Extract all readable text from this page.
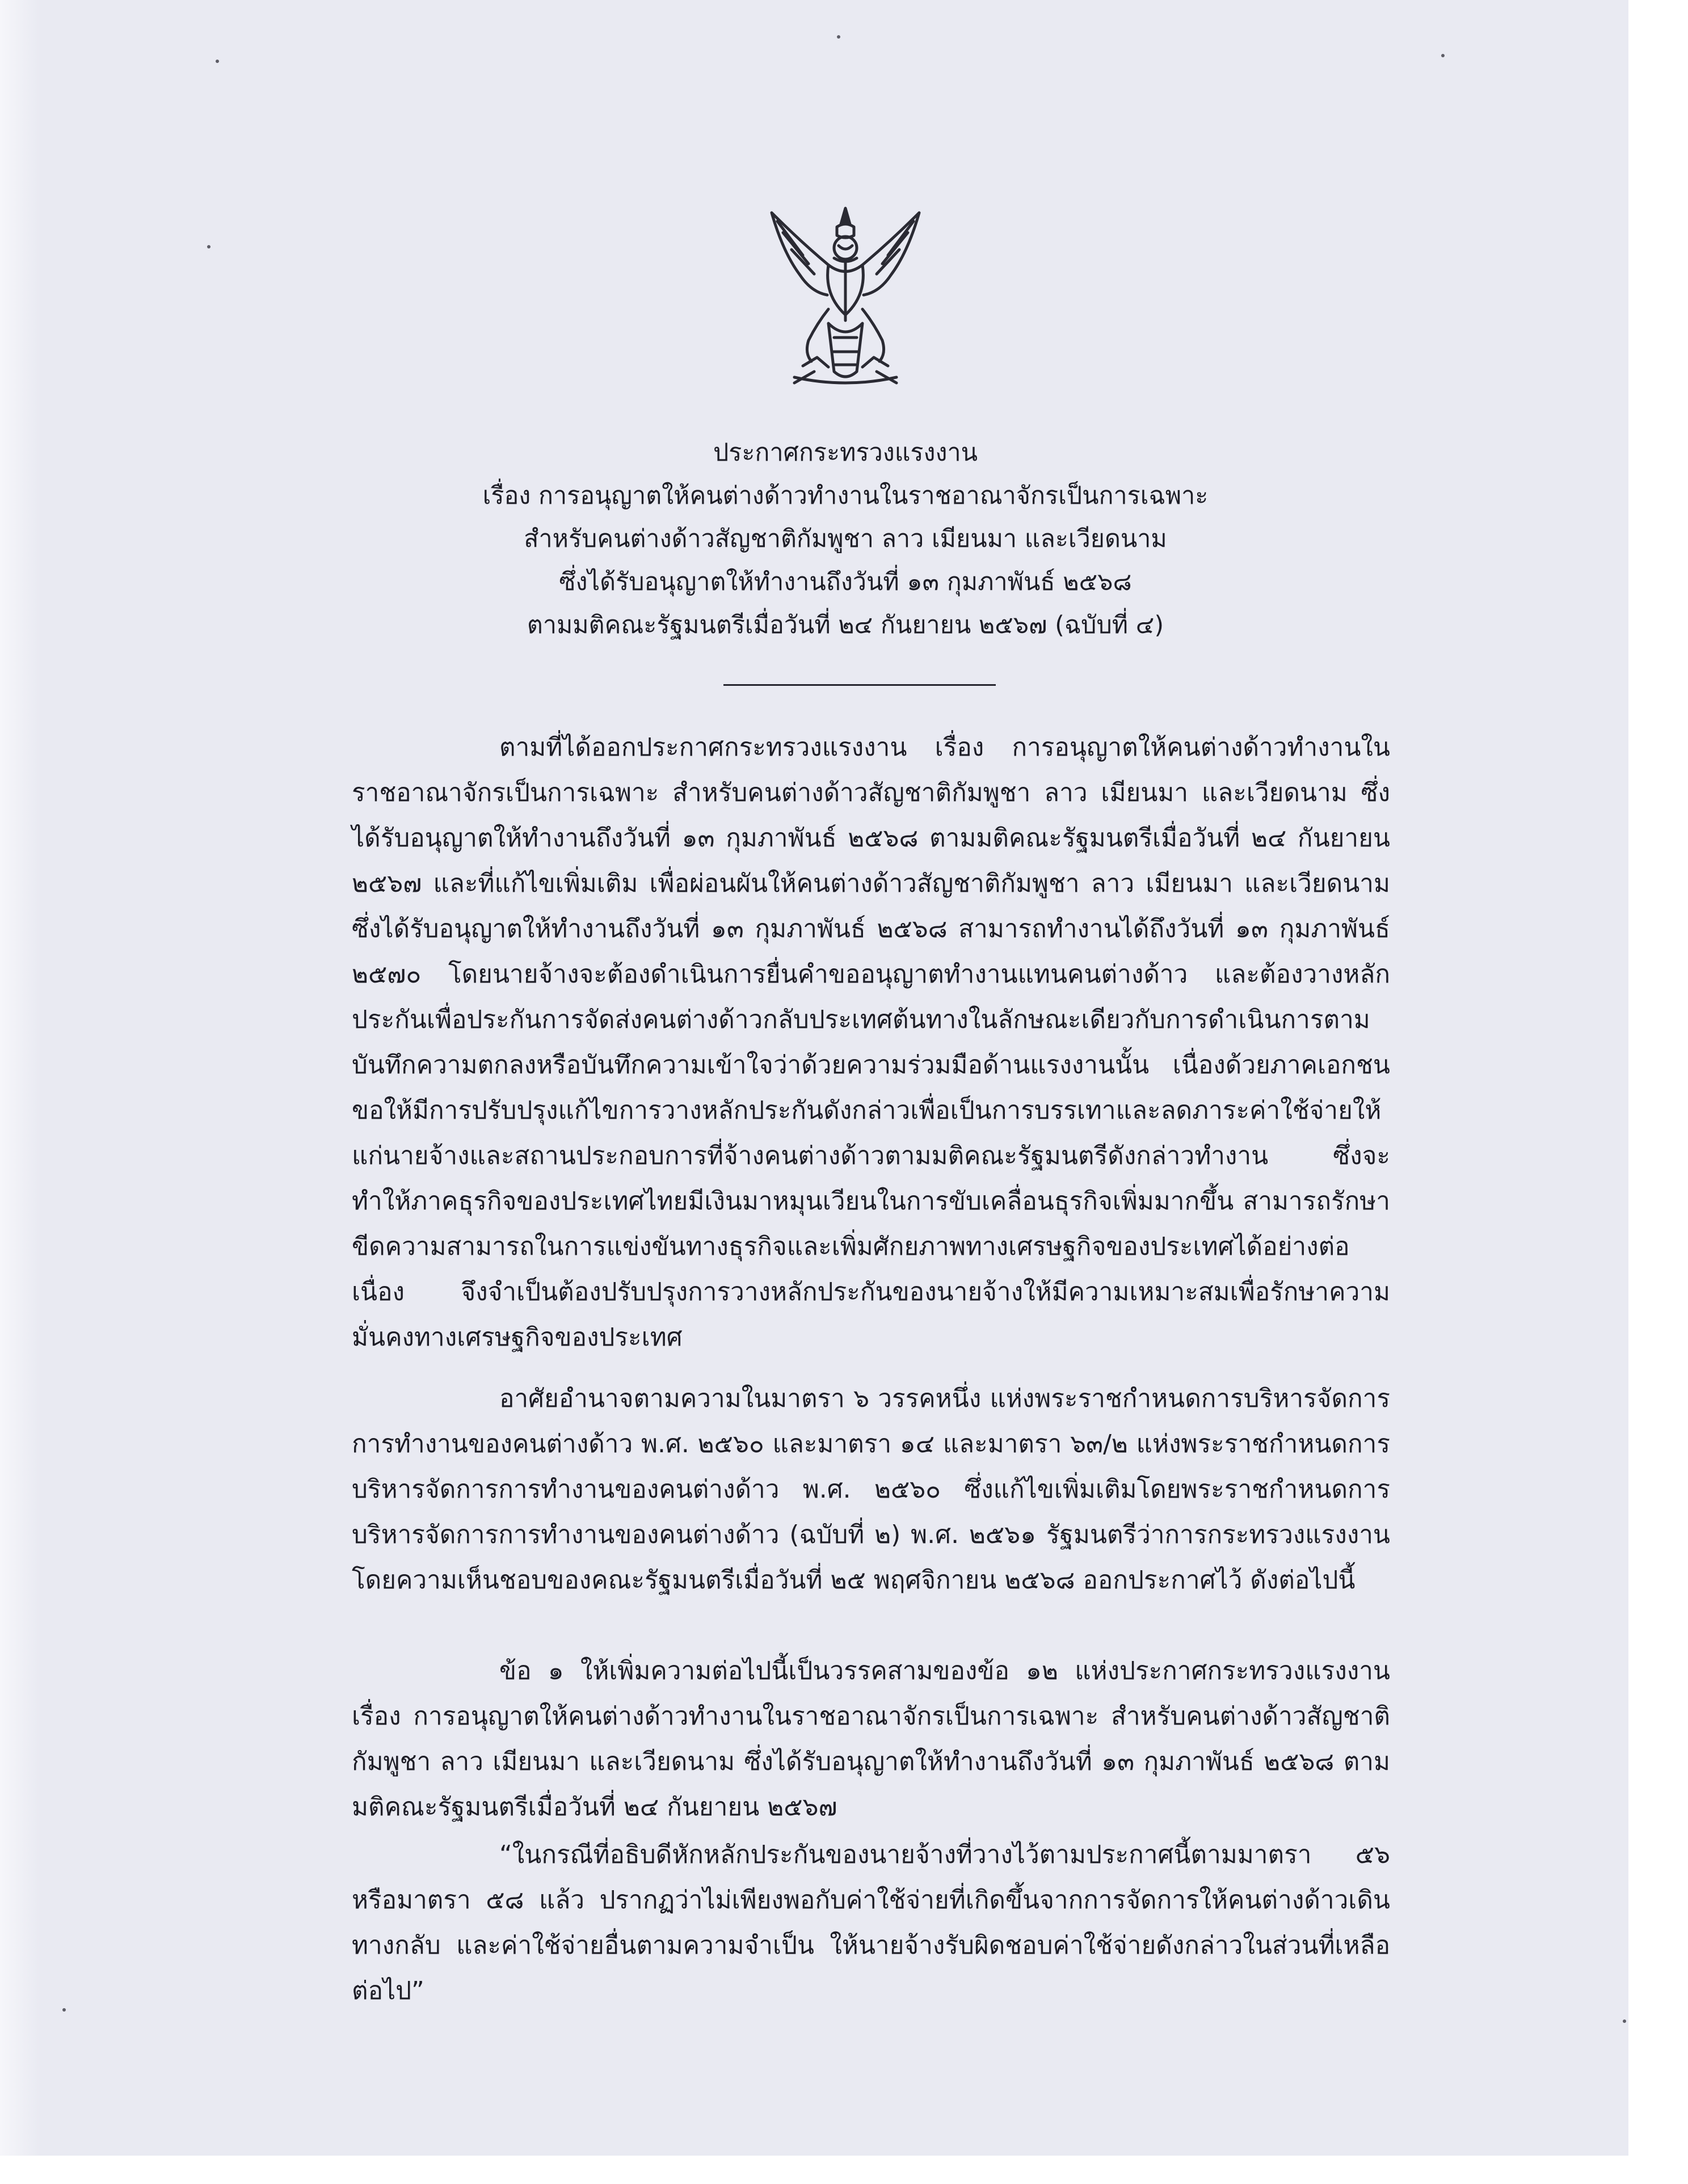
ประกาศกระทรวงแรงงาน
เรื่อง การอนุญาตให้คนต่างด้าวทำงานในราชอาณาจักรเป็นการเฉพาะ
สำหรับคนต่างด้าวสัญชาติกัมพูชา ลาว เมียนมา และเวียดนาม
ซึ่งได้รับอนุญาตให้ทำงานถึงวันที่ ๑๓ กุมภาพันธ์ ๒๕๖๘
ตามมติคณะรัฐมนตรีเมื่อวันที่ ๒๔ กันยายน ๒๕๖๗ (ฉบับที่ ๔)

ตามที่ได้ออกประกาศกระทรวงแรงงาน เรื่อง การอนุญาตให้คนต่างด้าวทำงานในราชอาณาจักรเป็นการเฉพาะ สำหรับคนต่างด้าวสัญชาติกัมพูชา ลาว เมียนมา และเวียดนาม ซึ่งได้รับอนุญาตให้ทำงานถึงวันที่ ๑๓ กุมภาพันธ์ ๒๕๖๘ ตามมติคณะรัฐมนตรีเมื่อวันที่ ๒๔ กันยายน ๒๕๖๗ และที่แก้ไขเพิ่มเติม เพื่อผ่อนผันให้คนต่างด้าวสัญชาติกัมพูชา ลาว เมียนมา และเวียดนาม ซึ่งได้รับอนุญาตให้ทำงานถึงวันที่ ๑๓ กุมภาพันธ์ ๒๕๖๘ สามารถทำงานได้ถึงวันที่ ๑๓ กุมภาพันธ์ ๒๕๗๐ โดยนายจ้างจะต้องดำเนินการยื่นคำขออนุญาตทำงานแทนคนต่างด้าว และต้องวางหลักประกันเพื่อประกันการจัดส่งคนต่างด้าวกลับประเทศต้นทางในลักษณะเดียวกับการดำเนินการตามบันทึกความตกลงหรือบันทึกความเข้าใจว่าด้วยความร่วมมือด้านแรงงานนั้น เนื่องด้วยภาคเอกชนขอให้มีการปรับปรุงแก้ไขการวางหลักประกันดังกล่าวเพื่อเป็นการบรรเทาและลดภาระค่าใช้จ่ายให้แก่นายจ้างและสถานประกอบการที่จ้างคนต่างด้าวตามมติคณะรัฐมนตรีดังกล่าวทำงาน ซึ่งจะทำให้ภาคธุรกิจของประเทศไทยมีเงินมาหมุนเวียนในการขับเคลื่อนธุรกิจเพิ่มมากขึ้น สามารถรักษาขีดความสามารถในการแข่งขันทางธุรกิจและเพิ่มศักยภาพทางเศรษฐกิจของประเทศได้อย่างต่อเนื่อง จึงจำเป็นต้องปรับปรุงการวางหลักประกันของนายจ้างให้มีความเหมาะสมเพื่อรักษาความมั่นคงทางเศรษฐกิจของประเทศ

อาศัยอำนาจตามความในมาตรา ๖ วรรคหนึ่ง แห่งพระราชกำหนดการบริหารจัดการการทำงานของคนต่างด้าว พ.ศ. ๒๕๖๐ และมาตรา ๑๔ และมาตรา ๖๓/๒ แห่งพระราชกำหนดการบริหารจัดการการทำงานของคนต่างด้าว พ.ศ. ๒๕๖๐ ซึ่งแก้ไขเพิ่มเติมโดยพระราชกำหนดการบริหารจัดการการทำงานของคนต่างด้าว (ฉบับที่ ๒) พ.ศ. ๒๕๖๑ รัฐมนตรีว่าการกระทรวงแรงงาน โดยความเห็นชอบของคณะรัฐมนตรีเมื่อวันที่ ๒๕ พฤศจิกายน ๒๕๖๘ ออกประกาศไว้ ดังต่อไปนี้

ข้อ ๑ ให้เพิ่มความต่อไปนี้เป็นวรรคสามของข้อ ๑๒ แห่งประกาศกระทรวงแรงงาน เรื่อง การอนุญาตให้คนต่างด้าวทำงานในราชอาณาจักรเป็นการเฉพาะ สำหรับคนต่างด้าวสัญชาติกัมพูชา ลาว เมียนมา และเวียดนาม ซึ่งได้รับอนุญาตให้ทำงานถึงวันที่ ๑๓ กุมภาพันธ์ ๒๕๖๘ ตามมติคณะรัฐมนตรีเมื่อวันที่ ๒๔ กันยายน ๒๕๖๗

“ในกรณีที่อธิบดีหักหลักประกันของนายจ้างที่วางไว้ตามประกาศนี้ตามมาตรา ๕๖ หรือมาตรา ๕๘ แล้ว ปรากฏว่าไม่เพียงพอกับค่าใช้จ่ายที่เกิดขึ้นจากการจัดการให้คนต่างด้าวเดินทางกลับ และค่าใช้จ่ายอื่นตามความจำเป็น ให้นายจ้างรับผิดชอบค่าใช้จ่ายดังกล่าวในส่วนที่เหลือต่อไป”
